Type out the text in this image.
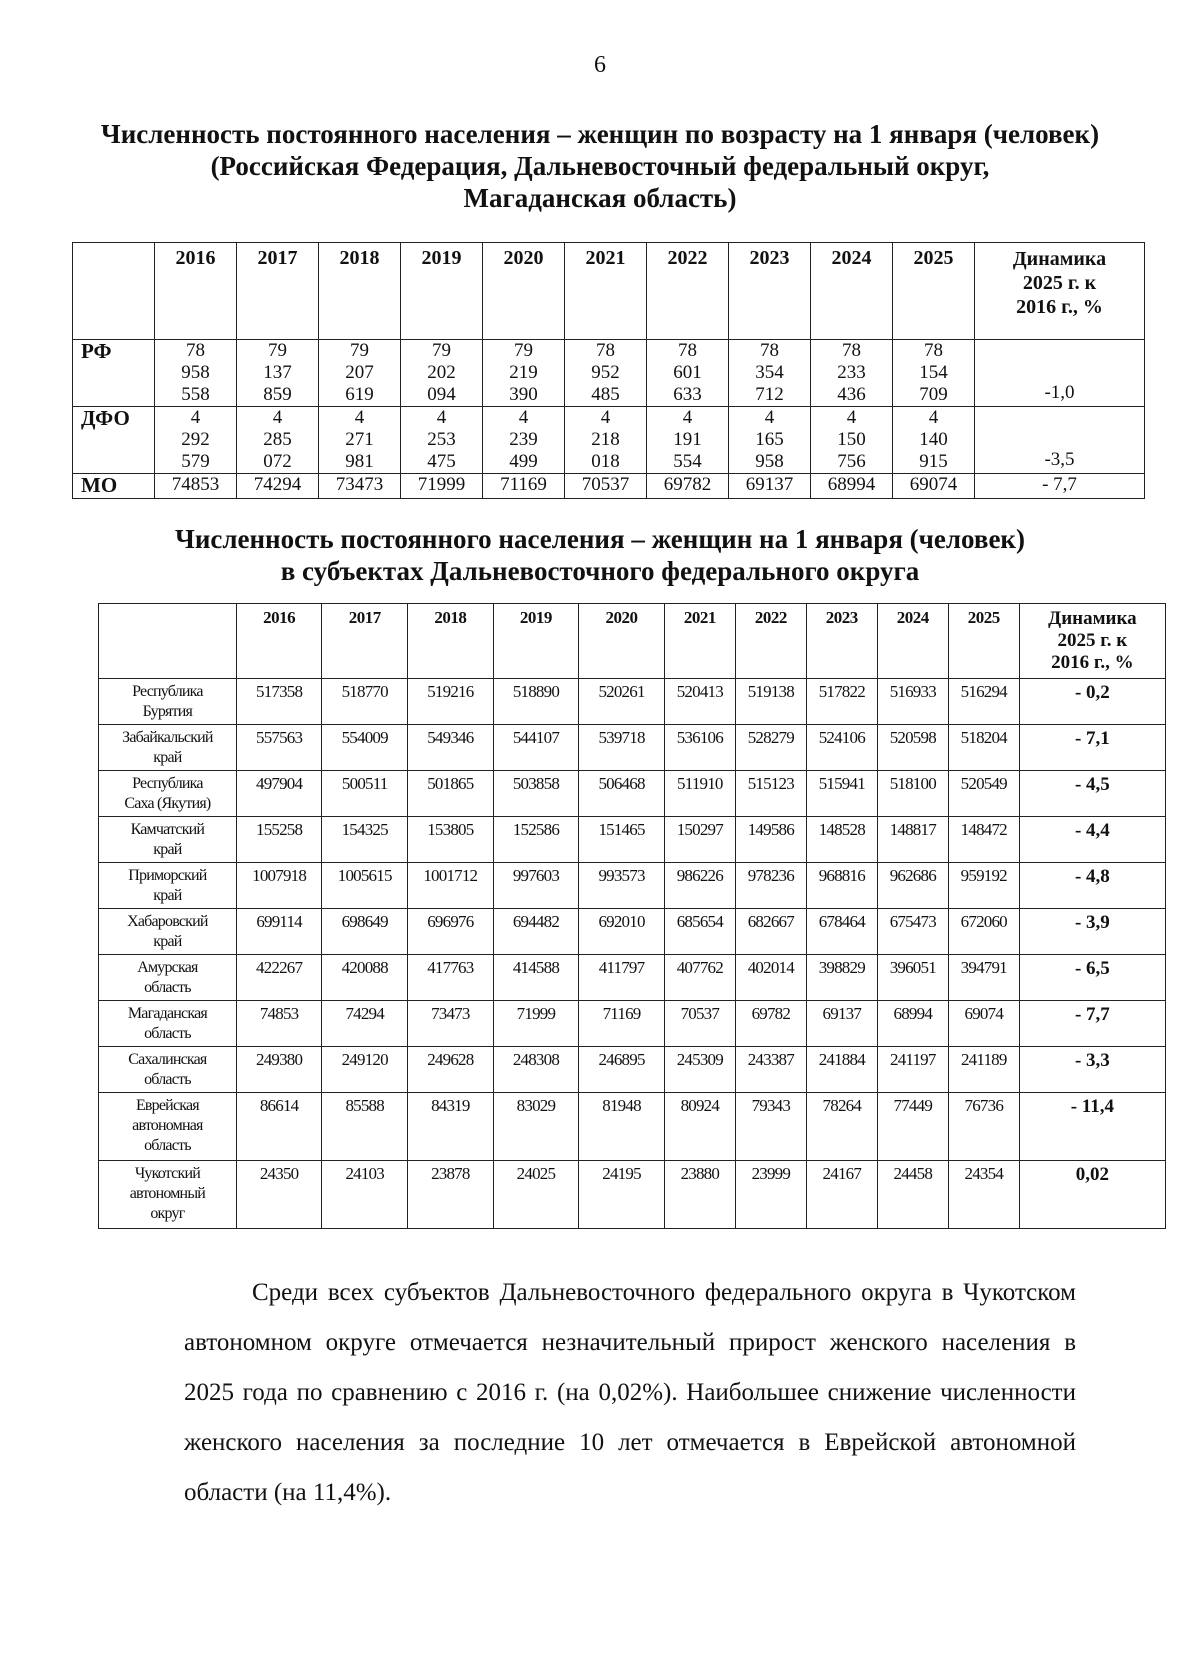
6
Численность постоянного населения – женщин по возрасту на 1 января (человек)
(Российская Федерация, Дальневосточный федеральный округ,
Магаданская область)
	2016	2017	2018	2019	2020	2021	2022	2023	2024	2025	Динамика
2025 г. к
2016 г., %

РФ	78 958 558	79 137 859	79 207 619	79 202 094	79 219 390	78 952 485	78 601 633	78 354 712	78 233 436	78 154 709	-1,0
ДФО	4 292 579	4 285 072	4 271 981	4 253 475	4 239 499	4 218 018	4 191 554	4 165 958	4 150 756	4 140 915	-3,5
МО	74853	74294	73473	71999	71169	70537	69782	69137	68994	69074	- 7,7
Численность постоянного населения – женщин на 1 января (человек)
в субъектах Дальневосточного федерального округа
	2016	2017	2018	2019	2020	2021	2022	2023	2024	2025	Динамика
2025 г. к
2016 г., %

Республика
Бурятия	517358	518770	519216	518890	520261	520413	519138	517822	516933	516294	- 0,2

Забайкальский
край	557563	554009	549346	544107	539718	536106	528279	524106	520598	518204	- 7,1

Республика
Саха (Якутия)	497904	500511	501865	503858	506468	511910	515123	515941	518100	520549	- 4,5

Камчатский
край	155258	154325	153805	152586	151465	150297	149586	148528	148817	148472	- 4,4

Приморский
край	1007918	1005615	1001712	997603	993573	986226	978236	968816	962686	959192	- 4,8

Хабаровский
край	699114	698649	696976	694482	692010	685654	682667	678464	675473	672060	- 3,9

Амурская
область	422267	420088	417763	414588	411797	407762	402014	398829	396051	394791	- 6,5

Магаданская
область	74853	74294	73473	71999	71169	70537	69782	69137	68994	69074	- 7,7

Сахалинская
область	249380	249120	249628	248308	246895	245309	243387	241884	241197	241189	- 3,3

Еврейская
автономная
область	86614	85588	84319	83029	81948	80924	79343	78264	77449	76736	- 11,4

Чукотский
автономный
округ	24350	24103	23878	24025	24195	23880	23999	24167	24458	24354	0,02
Среди всех субъектов Дальневосточного федерального округа в Чукотском автономном округе отмечается незначительный прирост женского населения в 2025 года по сравнению с 2016 г. (на 0,02%). Наибольшее снижение численности женского населения за последние 10 лет отмечается в Еврейской автономной области (на 11,4%).
